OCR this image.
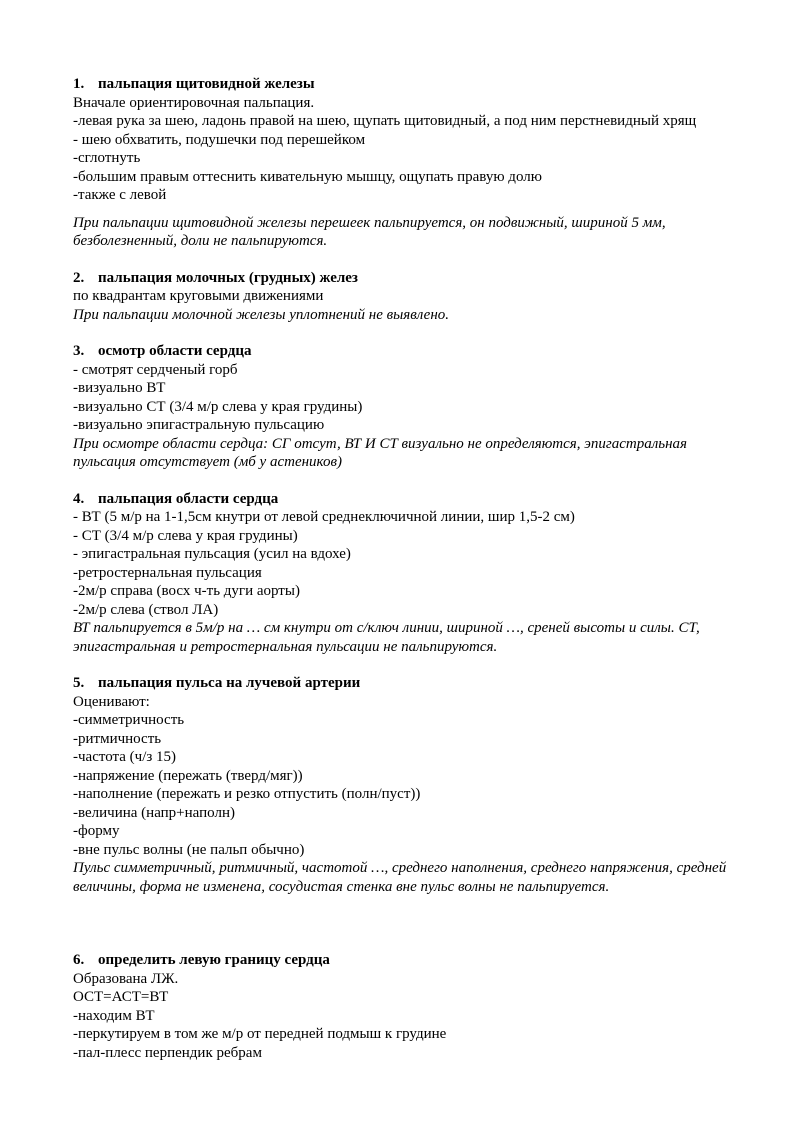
1. пальпация щитовидной железы

Вначале ориентировочная пальпация.

-левая рука за шею, ладонь правой на шею, щупать щитовидный, а под ним перстневидный хрящ

- шею обхватить, подушечки под перешейком

-сглотнуть

-большим правым оттеснить кивательную мышцу, ощупать правую долю

-также с левой

При пальпации щитовидной железы перешеек пальпируется, он подвижный, шириной 5 мм, безболезненный, доли не пальпируются.

2. пальпация молочных (грудных) желез

по квадрантам круговыми движениями

При пальпации молочной железы уплотнений не выявлено.

3. осмотр области сердца

- смотрят сердченый горб

-визуально ВТ

-визуально СТ (3/4 м/р слева у края грудины)

-визуально эпигастральную пульсацию

При осмотре области сердца: СГ отсут, ВТ И СТ визуально не определяются, эпигастральная пульсация отсутствует (мб у астеников)

4. пальпация области сердца

- ВТ (5 м/р на 1-1,5см кнутри от левой среднеключичной линии, шир 1,5-2 см)

- СТ (3/4 м/р слева у края грудины)

- эпигастральная пульсация (усил на вдохе)

-ретростернальная пульсация

-2м/р справа (восх ч-ть дуги аорты)

-2м/р слева (ствол ЛА)

ВТ пальпируется в 5м/р на … см кнутри от с/ключ линии, шириной …, среней высоты и силы. СТ, эпигастральная и ретростернальная пульсации не пальпируются.

5. пальпация пульса на лучевой артерии

Оценивают:

-симметричность

-ритмичность

-частота (ч/з 15)

-напряжение (пережать (тверд/мяг))

-наполнение (пережать и резко отпустить (полн/пуст))

-величина (напр+наполн)

-форму

-вне пульс волны (не пальп обычно)

Пульс симметричный, ритмичный, частотой …, среднего наполнения, среднего напряжения, средней величины, форма не изменена, сосудистая стенка вне пульс волны не пальпируется.

6. определить левую границу сердца

Образована ЛЖ.

ОСТ=АСТ=ВТ

-находим ВТ

-перкутируем в том же м/р от передней подмыш к грудине

-пал-плесс перпендик ребрам
